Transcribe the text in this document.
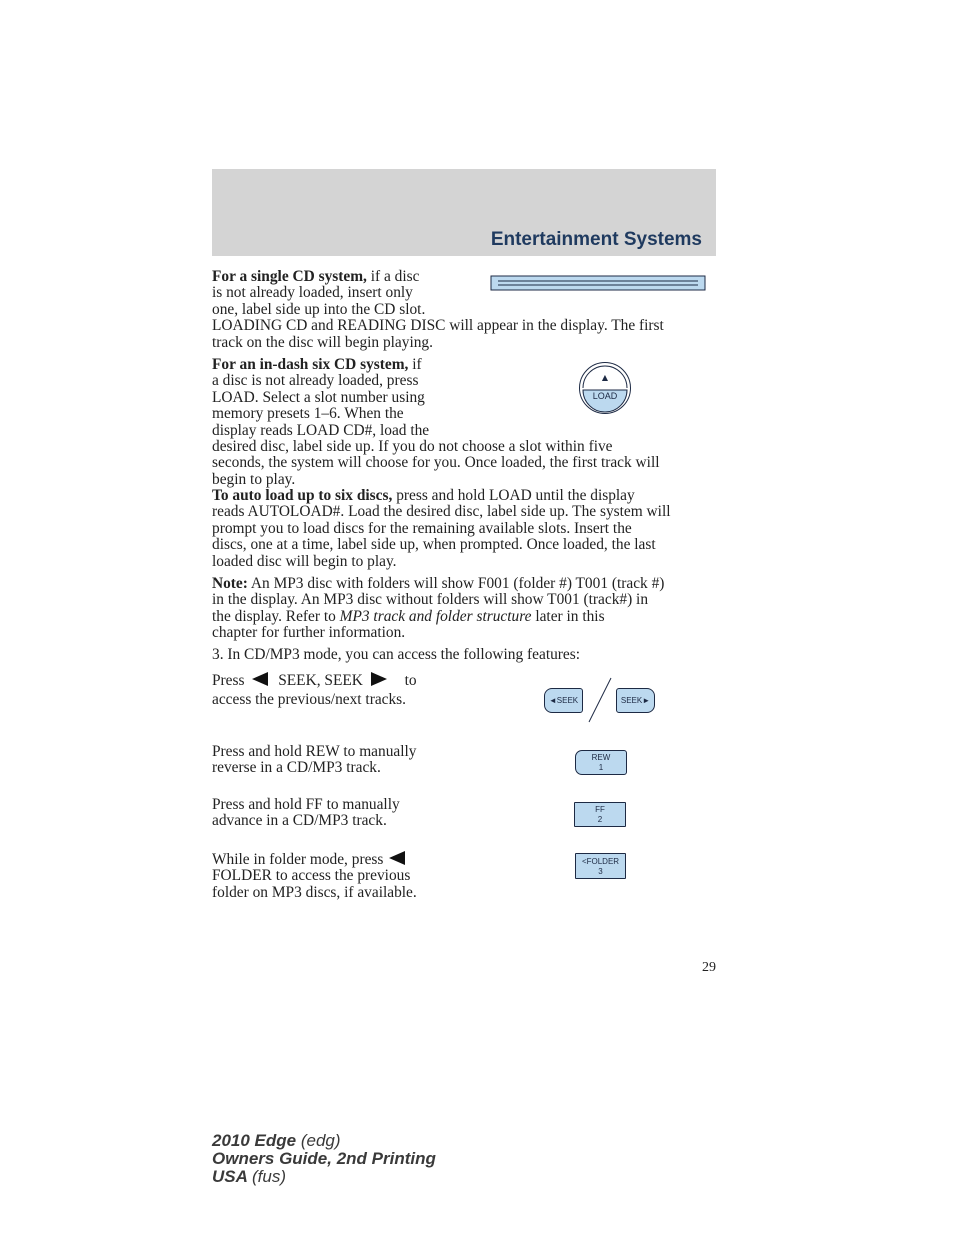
Entertainment Systems
For a single CD system, if a disc
is not already loaded, insert only
one, label side up into the CD slot.
LOADING CD and READING DISC will appear in the display. The first
track on the disc will begin playing.
For an in-dash six CD system, if
a disc is not already loaded, press
LOAD. Select a slot number using
memory presets 1–6. When the
display reads LOAD CD#, load the
desired disc, label side up. If you do not choose a slot within five
seconds, the system will choose for you. Once loaded, the first track will
begin to play.
▲
LOAD
To auto load up to six discs, press and hold LOAD until the display
reads AUTOLOAD#. Load the desired disc, label side up. The system will
prompt you to load discs for the remaining available slots. Insert the
discs, one at a time, label side up, when prompted. Once loaded, the last
loaded disc will begin to play.
Note: An MP3 disc with folders will show F001 (folder #) T001 (track #)
in the display. An MP3 disc without folders will show T001 (track#) in
the display. Refer to MP3 track and folder structure later in this
chapter for further information.
3. In CD/MP3 mode, you can access the following features:
Press SEEK, SEEK	to
access the previous/next tracks.	◄SEEK	SEEK►
Press and hold REW to manually
reverse in a CD/MP3 track.
REW
1
Press and hold FF to manually
advance in a CD/MP3 track.
FF
2
While in folder mode, press
FOLDER to access the previous
folder on MP3 discs, if available.
<FOLDER
3
29
2010 Edge (edg)
Owners Guide, 2nd Printing
USA (fus)
